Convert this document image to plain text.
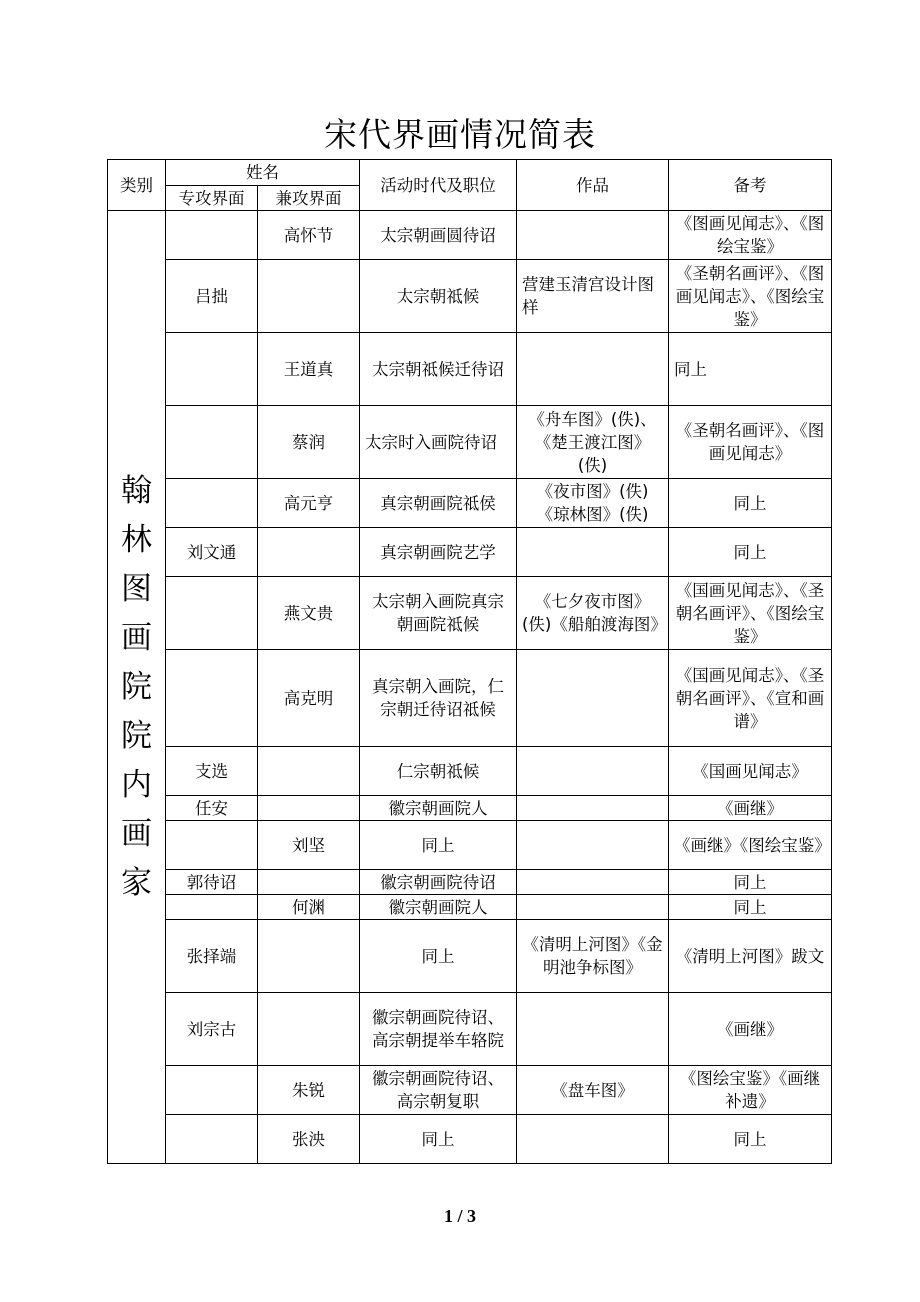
宋代界画情况简表
类别	姓名		活动时代及职位	作品	备考
	专攻界面	兼攻界面			
翰林图画院院内画家		高怀节	太宗朝画圆待诏		《图画见闻志》、《图绘宝鉴》
	吕拙		太宗朝祗候	营建玉清宫设计图样	《圣朝名画评》、《图画见闻志》、《图绘宝鉴》
		王道真	太宗朝祗候迁待诏		同上
		蔡润	太宗时入画院待诏	《舟车图》(佚)、《楚王渡江图》(佚)	《圣朝名画评》、《图画见闻志》
		高元亨	真宗朝画院祗侯	《夜市图》(佚)《琼林图》(佚)	同上
	刘文通		真宗朝画院艺学		同上
		燕文贵	太宗朝入画院真宗朝画院祗候	《七夕夜市图》(佚)《船舶渡海图》	《国画见闻志》、《圣朝名画评》、《图绘宝鉴》
		高克明	真宗朝入画院，仁宗朝迁待诏祗候		《国画见闻志》、《圣朝名画评》、《宣和画谱》
	支选		仁宗朝祗候		《国画见闻志》
	任安		徽宗朝画院人		《画继》
		刘坚	同上		《画继》《图绘宝鉴》
	郭待诏		徽宗朝画院待诏		同上
		何渊	徽宗朝画院人		同上
	张择端		同上	《清明上河图》《金明池争标图》	《清明上河图》跋文
	刘宗古		徽宗朝画院待诏、高宗朝提举车辂院		《画继》
		朱锐	徽宗朝画院待诏、高宗朝复职	《盘车图》	《图绘宝鉴》《画继补遗》
		张泱	同上		同上
1 / 3
